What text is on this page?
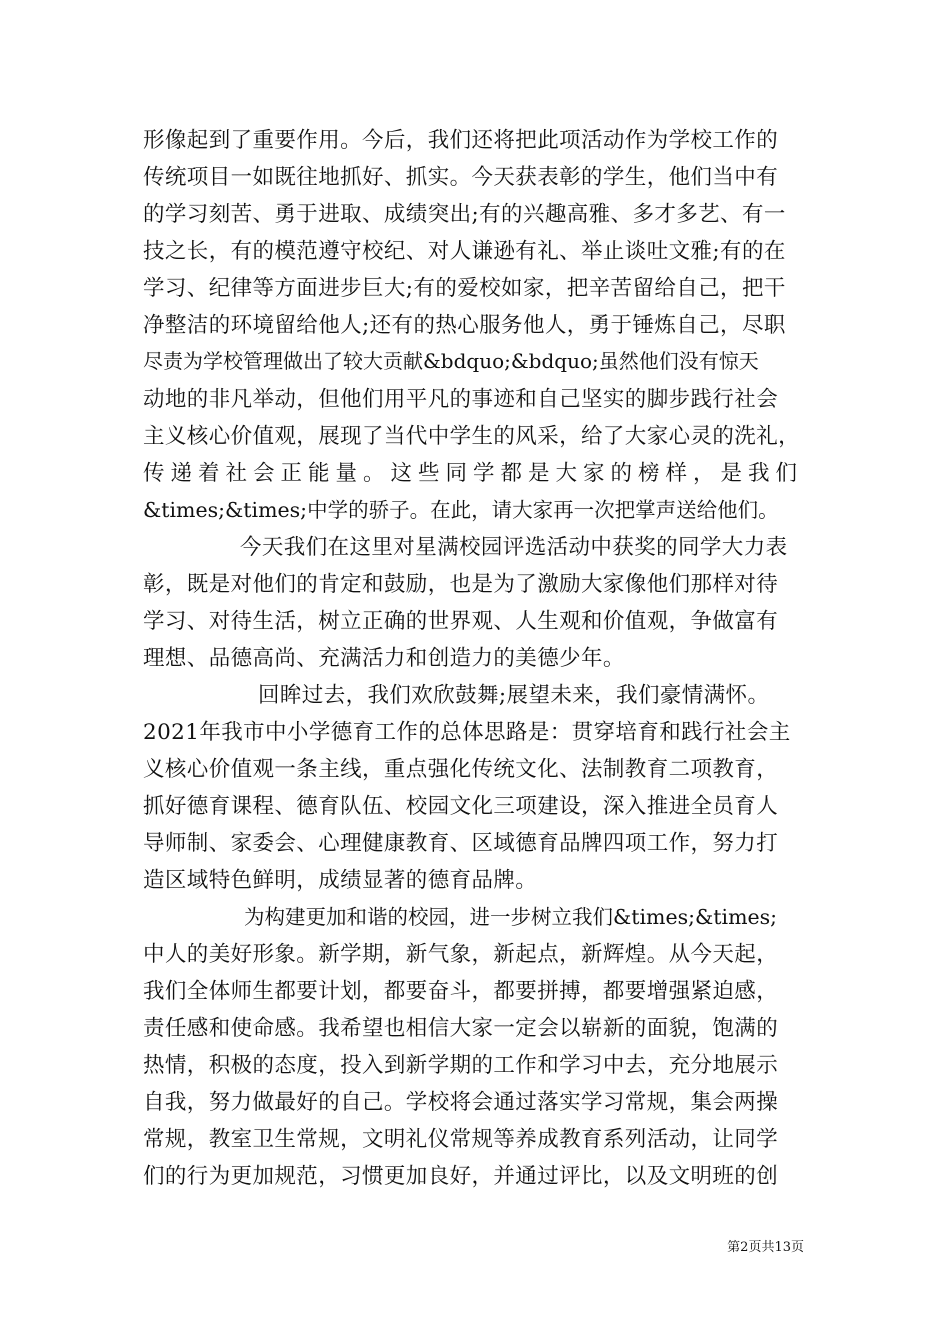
形像起到了重要作用。今后，我们还将把此项活动作为学校工作的

传统项目一如既往地抓好、抓实。今天获表彰的学生，他们当中有

的学习刻苦、勇于进取、成绩突出;有的兴趣高雅、多才多艺、有一

技之长，有的模范遵守校纪、对人谦逊有礼、举止谈吐文雅;有的在

学习、纪律等方面进步巨大;有的爱校如家，把辛苦留给自己，把干

净整洁的环境留给他人;还有的热心服务他人，勇于锤炼自己，尽职

尽责为学校管理做出了较大贡献&bdquo;&bdquo;虽然他们没有惊天

动地的非凡举动，但他们用平凡的事迹和自己坚实的脚步践行社会

主义核心价值观，展现了当代中学生的风采，给了大家心灵的洗礼，

传递着社会正能量。这些同学都是大家的榜样，是我们

&times;&times;中学的骄子。在此，请大家再一次把掌声送给他们。

今天我们在这里对星满校园评选活动中获奖的同学大力表

彰，既是对他们的肯定和鼓励，也是为了激励大家像他们那样对待

学习、对待生活，树立正确的世界观、人生观和价值观，争做富有

理想、品德高尚、充满活力和创造力的美德少年。

回眸过去，我们欢欣鼓舞;展望未来，我们豪情满怀。

2021年我市中小学德育工作的总体思路是：贯穿培育和践行社会主

义核心价值观一条主线，重点强化传统文化、法制教育二项教育，

抓好德育课程、德育队伍、校园文化三项建设，深入推进全员育人

导师制、家委会、心理健康教育、区域德育品牌四项工作，努力打

造区域特色鲜明，成绩显著的德育品牌。

为构建更加和谐的校园，进一步树立我们&times;&times;

中人的美好形象。新学期，新气象，新起点，新辉煌。从今天起，

我们全体师生都要计划，都要奋斗，都要拼搏，都要增强紧迫感，

责任感和使命感。我希望也相信大家一定会以崭新的面貌，饱满的

热情，积极的态度，投入到新学期的工作和学习中去，充分地展示

自我，努力做最好的自己。学校将会通过落实学习常规，集会两操

常规，教室卫生常规，文明礼仪常规等养成教育系列活动，让同学

们的行为更加规范，习惯更加良好，并通过评比，以及文明班的创

第2页共13页
